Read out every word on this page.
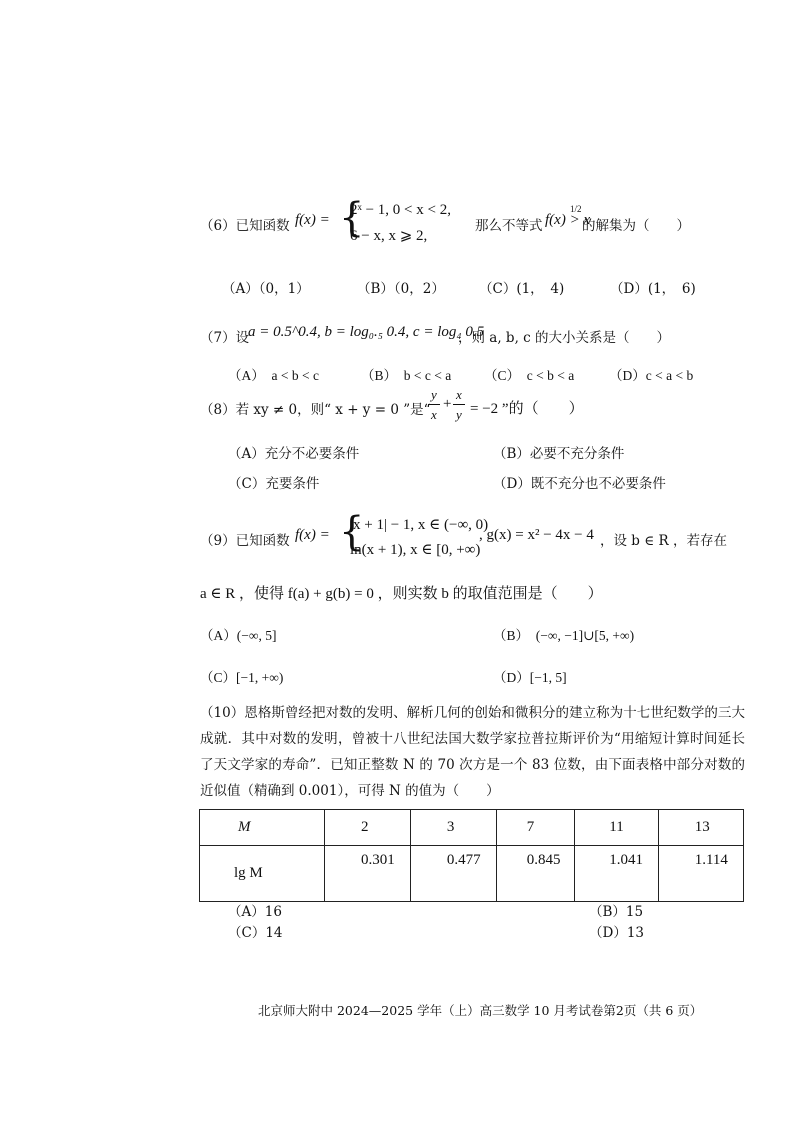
（6）已知函数 f(x) = {
2ˣ − 1, 0 < x < 2,
6 − x, x ⩾ 2,
那么不等式 f(x) > x
1/2
的解集为（　　）
（A）（0，1）	（B）（0，2）	（C）(1，　4)	（D）(1，　6)
（7）设
a = 0.5^0.4, b = log₀.₅ 0.4, c = log₄ 0.5
，则 a, b, c 的大小关系是（　　）
（A）　a < b < c	（B）　b < c < a （C）　c < b < a	（D）c < a < b
（8）若 xy ≠ 0，则“ x + y = 0 ”是“
y
x
+
x
y = −2 ”的（　　）
（A）充分不必要条件	（B）必要不充分条件
（C）充要条件	（D）既不充分也不必要条件
（9）已知函数 f(x) = {
|x + 1| − 1, x ∈ (−∞, 0)
ln(x + 1), x ∈ [0, +∞)
, g(x) = x² − 4x − 4 ，设 b ∈ R ，若存在
a ∈ R ，使得 f(a) + g(b) = 0 ，则实数 b 的取值范围是（　　）
（A）(−∞, 5]	（B）　(−∞, −1]∪[5, +∞)
（C）[−1, +∞)	（D）[−1, 5]
（10）恩格斯曾经把对数的发明、解析几何的创始和微积分的建立称为十七世纪数学的三大成就．其中对数的发明，曾被十八世纪法国大数学家拉普拉斯评价为“用缩短计算时间延长了天文学家的寿命”．已知正整数 N 的 70 次方是一个 83 位数，由下面表格中部分对数的近似值（精确到 0.001），可得 N 的值为（　　）
M	2	3	7	11	13
lg M	0.301	0.477	0.845	1.041	1.114
（A）16	（B）15
（C）14	（D）13
北京师大附中 2024—2025 学年（上）高三数学 10 月考试卷第2页（共 6 页）
